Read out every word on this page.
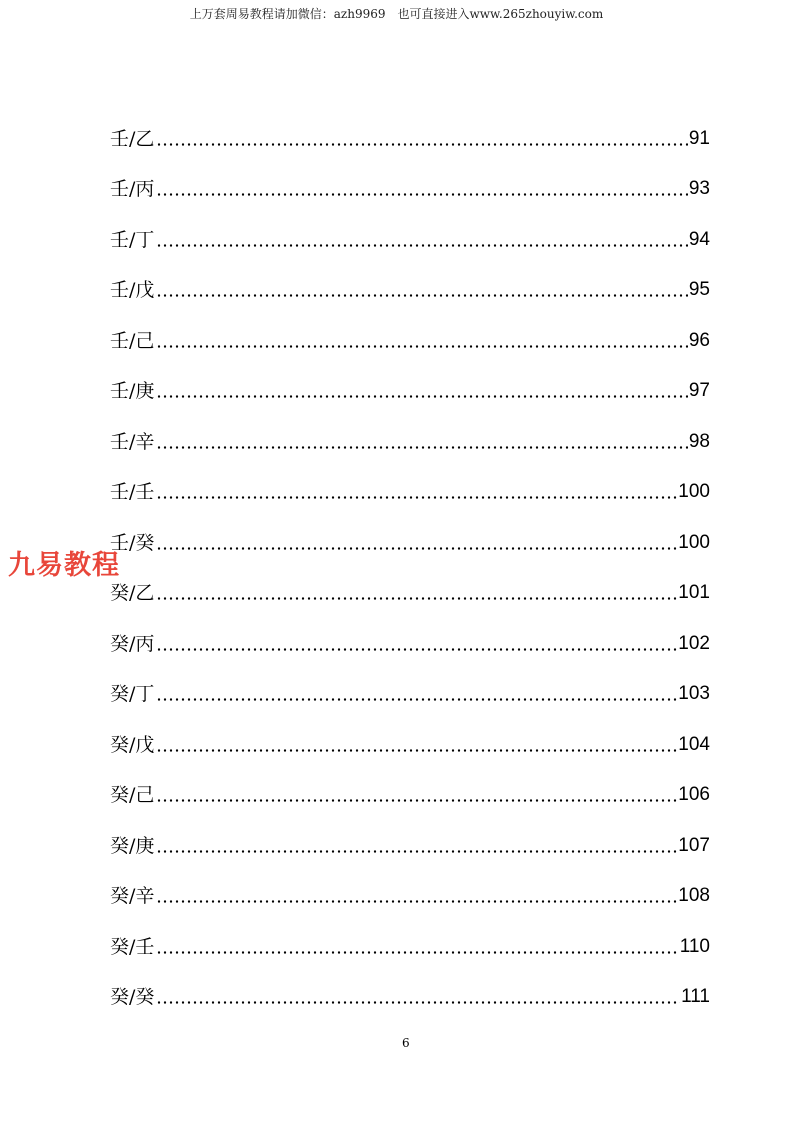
上万套周易教程请加微信：azh9969　也可直接进入www.265zhouyiw.com
壬/乙	91
壬/丙	93
壬/丁	94
壬/戊	95
壬/己	96
壬/庚	97
壬/辛	98
壬/壬	100
壬/癸	100
癸/乙	101
癸/丙	102
癸/丁	103
癸/戊	104
癸/己	106
癸/庚	107
癸/辛	108
癸/壬	110
癸/癸	111
九易教程
6
